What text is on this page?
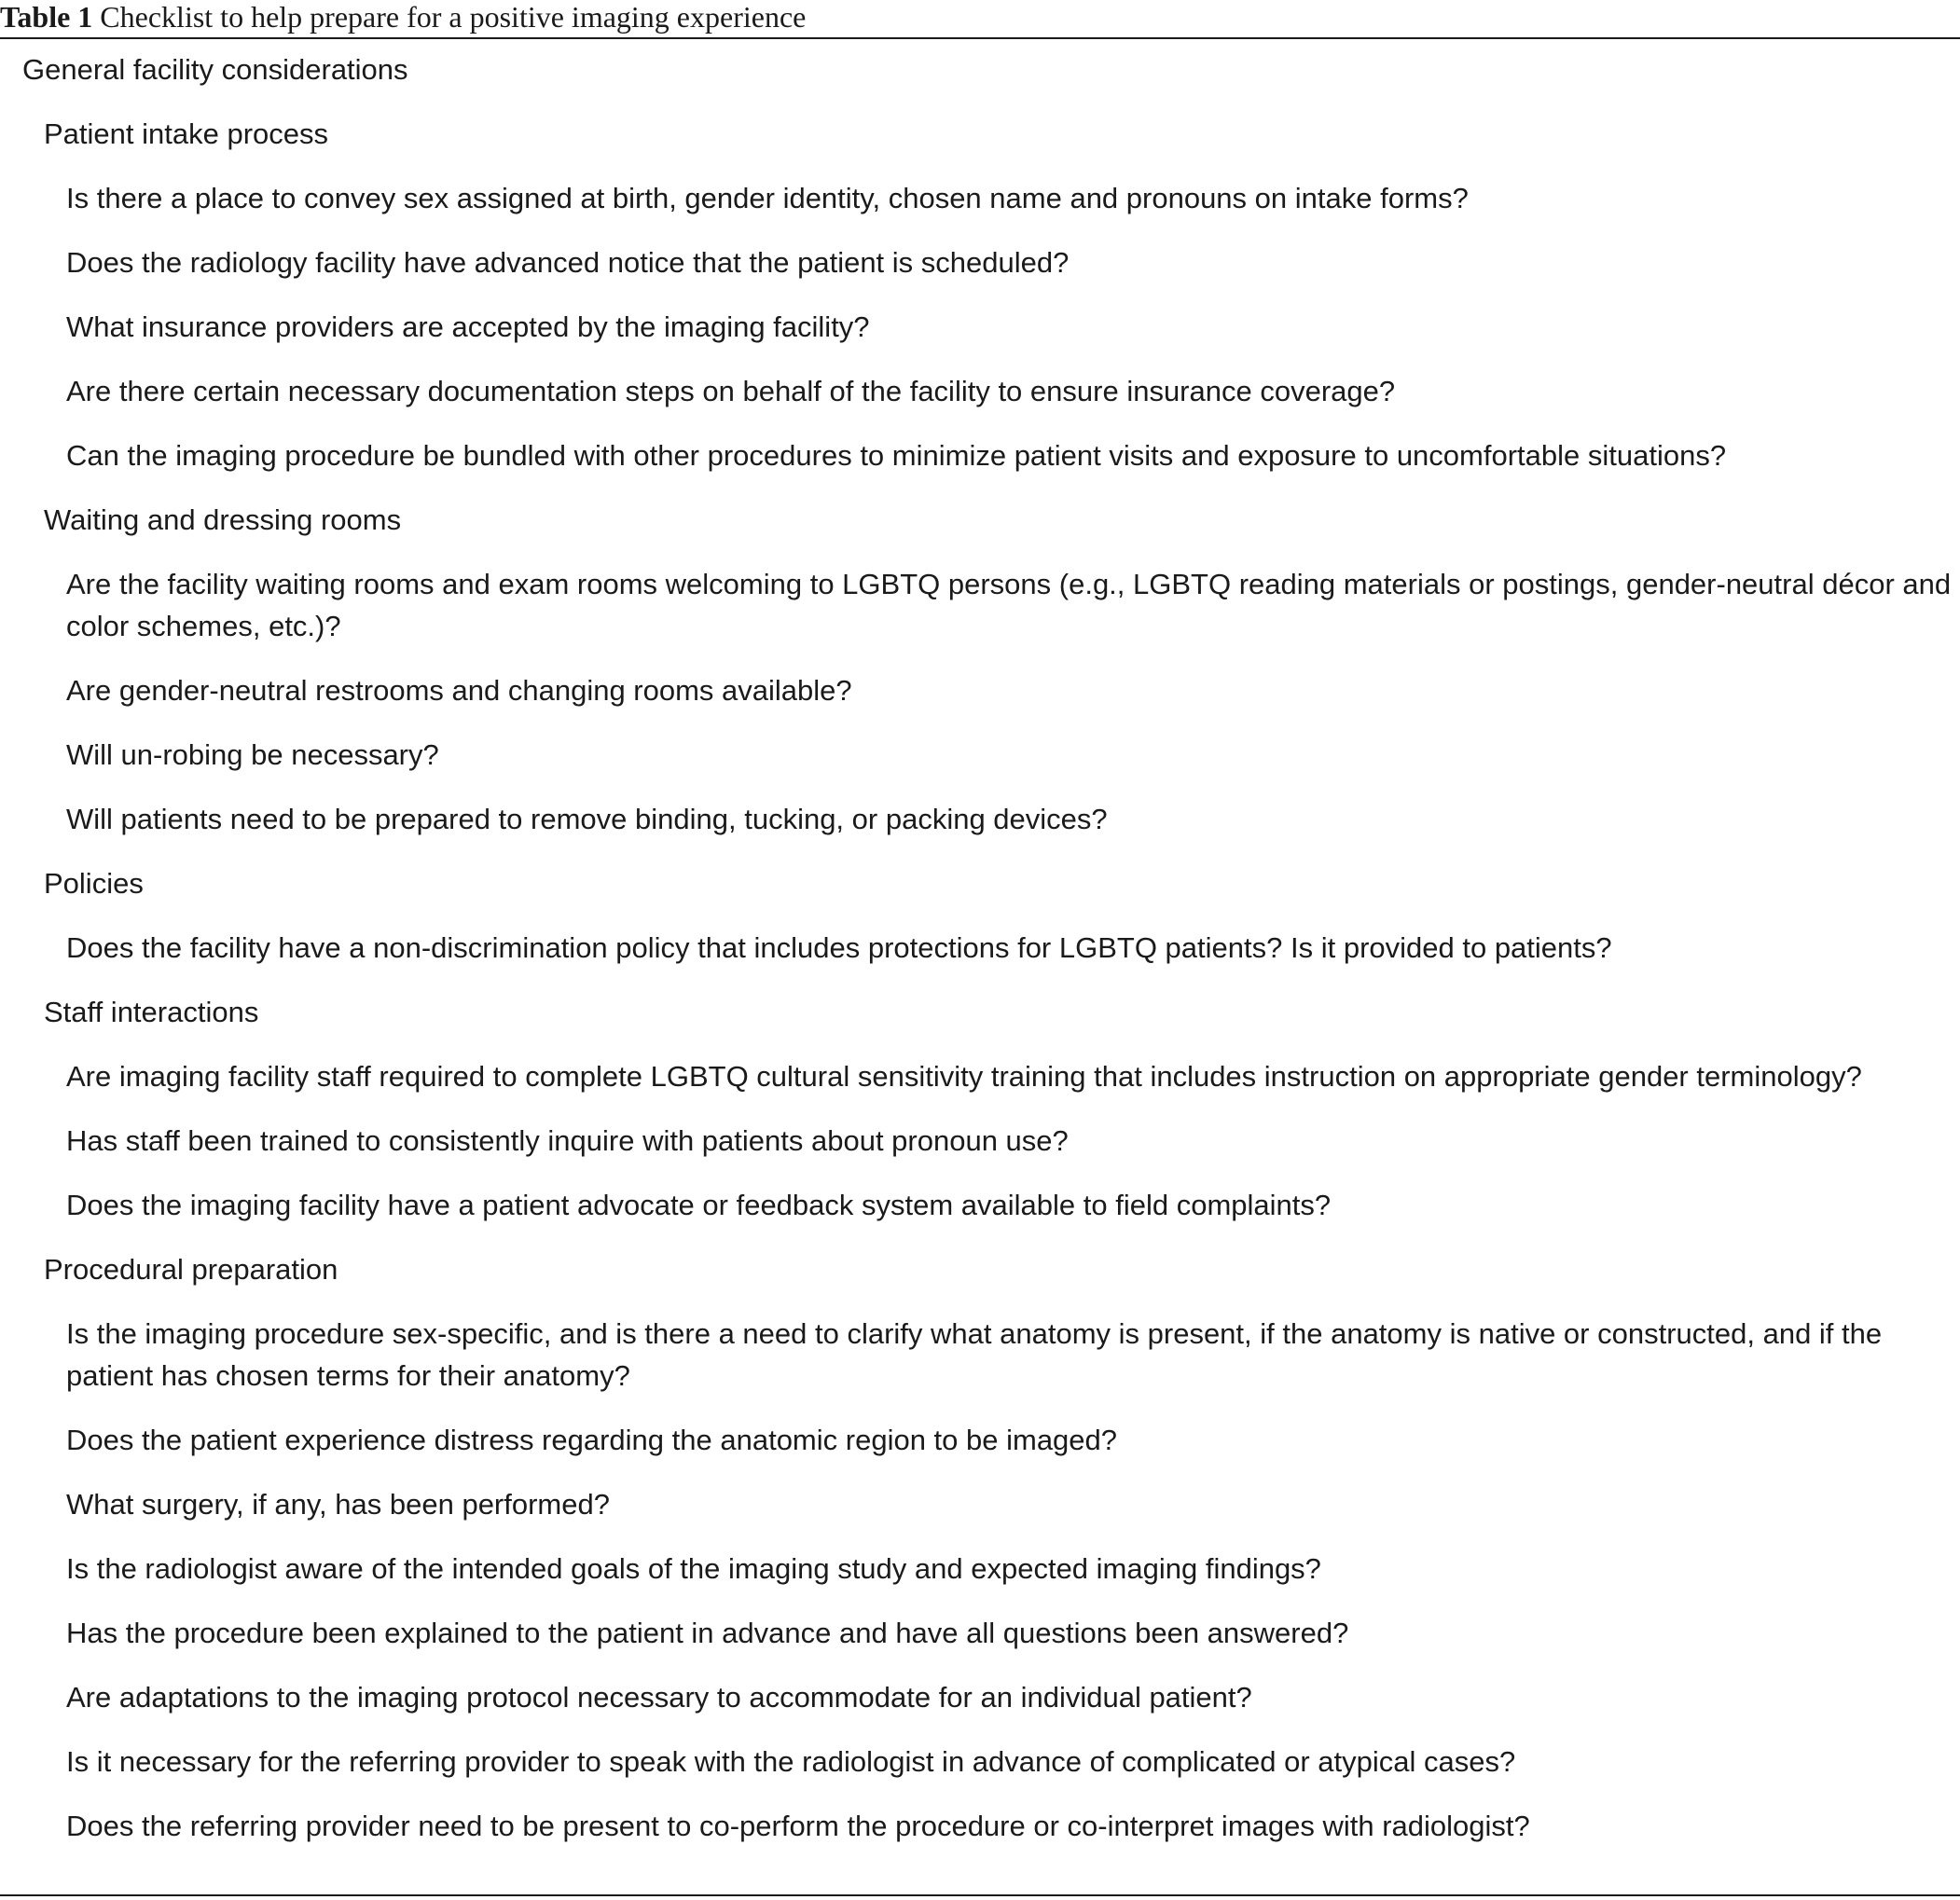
Table 1 Checklist to help prepare for a positive imaging experience
General facility considerations
Patient intake process
Is there a place to convey sex assigned at birth, gender identity, chosen name and pronouns on intake forms?
Does the radiology facility have advanced notice that the patient is scheduled?
What insurance providers are accepted by the imaging facility?
Are there certain necessary documentation steps on behalf of the facility to ensure insurance coverage?
Can the imaging procedure be bundled with other procedures to minimize patient visits and exposure to uncomfortable situations?
Waiting and dressing rooms
Are the facility waiting rooms and exam rooms welcoming to LGBTQ persons (e.g., LGBTQ reading materials or postings, gender-neutral décor and color schemes, etc.)?
Are gender-neutral restrooms and changing rooms available?
Will un-robing be necessary?
Will patients need to be prepared to remove binding, tucking, or packing devices?
Policies
Does the facility have a non-discrimination policy that includes protections for LGBTQ patients? Is it provided to patients?
Staff interactions
Are imaging facility staff required to complete LGBTQ cultural sensitivity training that includes instruction on appropriate gender terminology?
Has staff been trained to consistently inquire with patients about pronoun use?
Does the imaging facility have a patient advocate or feedback system available to field complaints?
Procedural preparation
Is the imaging procedure sex-specific, and is there a need to clarify what anatomy is present, if the anatomy is native or constructed, and if the patient has chosen terms for their anatomy?
Does the patient experience distress regarding the anatomic region to be imaged?
What surgery, if any, has been performed?
Is the radiologist aware of the intended goals of the imaging study and expected imaging findings?
Has the procedure been explained to the patient in advance and have all questions been answered?
Are adaptations to the imaging protocol necessary to accommodate for an individual patient?
Is it necessary for the referring provider to speak with the radiologist in advance of complicated or atypical cases?
Does the referring provider need to be present to co-perform the procedure or co-interpret images with radiologist?
